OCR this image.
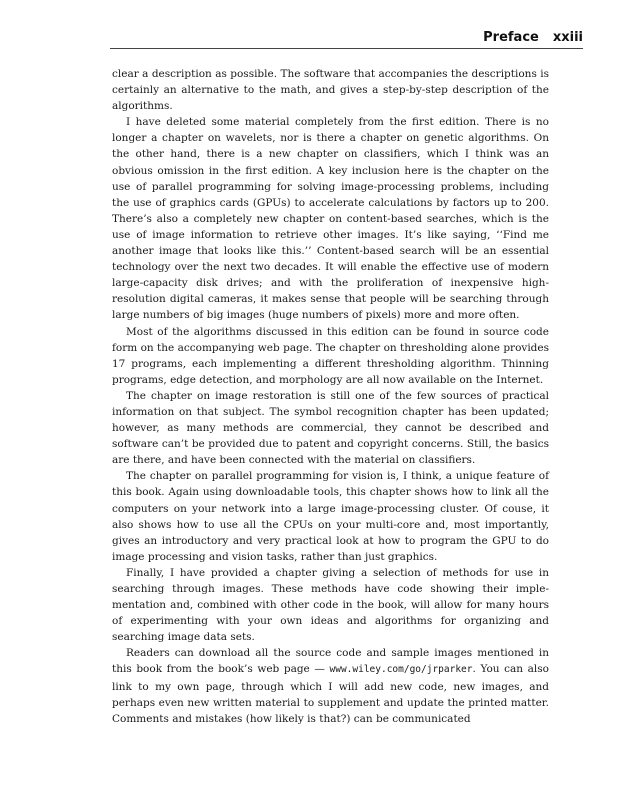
Preface xxiii

clear a description as possible. The software that accompanies the descriptions is certainly an alternative to the math, and gives a step-by-step description of the algorithms.

I have deleted some material completely from the first edition. There is no longer a chapter on wavelets, nor is there a chapter on genetic algorithms. On the other hand, there is a new chapter on classifiers, which I think was an obvious omission in the first edition. A key inclusion here is the chapter on the use of parallel programming for solving image-processing problems, including the use of graphics cards (GPUs) to accelerate calculations by factors up to 200. There’s also a completely new chapter on content-based searches, which is the use of image information to retrieve other images. It’s like saying, ‘‘Find me another image that looks like this.’’ Content-based search will be an essential technology over the next two decades. It will enable the effective use of modern large-capacity disk drives; and with the proliferation of inexpensive high-resolution digital cameras, it makes sense that people will be searching through large numbers of big images (huge numbers of pixels) more and more often.

Most of the algorithms discussed in this edition can be found in source code form on the accompanying web page. The chapter on thresholding alone provides 17 programs, each implementing a different thresholding algorithm. Thinning programs, edge detection, and morphology are all now available on the Internet.

The chapter on image restoration is still one of the few sources of practical information on that subject. The symbol recognition chapter has been updated; however, as many methods are commercial, they cannot be described and software can’t be provided due to patent and copyright concerns. Still, the basics are there, and have been connected with the material on classifiers.

The chapter on parallel programming for vision is, I think, a unique feature of this book. Again using downloadable tools, this chapter shows how to link all the computers on your network into a large image-processing cluster. Of couse, it also shows how to use all the CPUs on your multi-core and, most importantly, gives an introductory and very practical look at how to program the GPU to do image processing and vision tasks, rather than just graphics.

Finally, I have provided a chapter giving a selection of methods for use in searching through images. These methods have code showing their implementation and, combined with other code in the book, will allow for many hours of experimenting with your own ideas and algorithms for organizing and searching image data sets.

Readers can download all the source code and sample images mentioned in this book from the book’s web page — www.wiley.com/go/jrparker. You can also link to my own page, through which I will add new code, new images, and perhaps even new written material to supplement and update the printed matter. Comments and mistakes (how likely is that?) can be communicated
